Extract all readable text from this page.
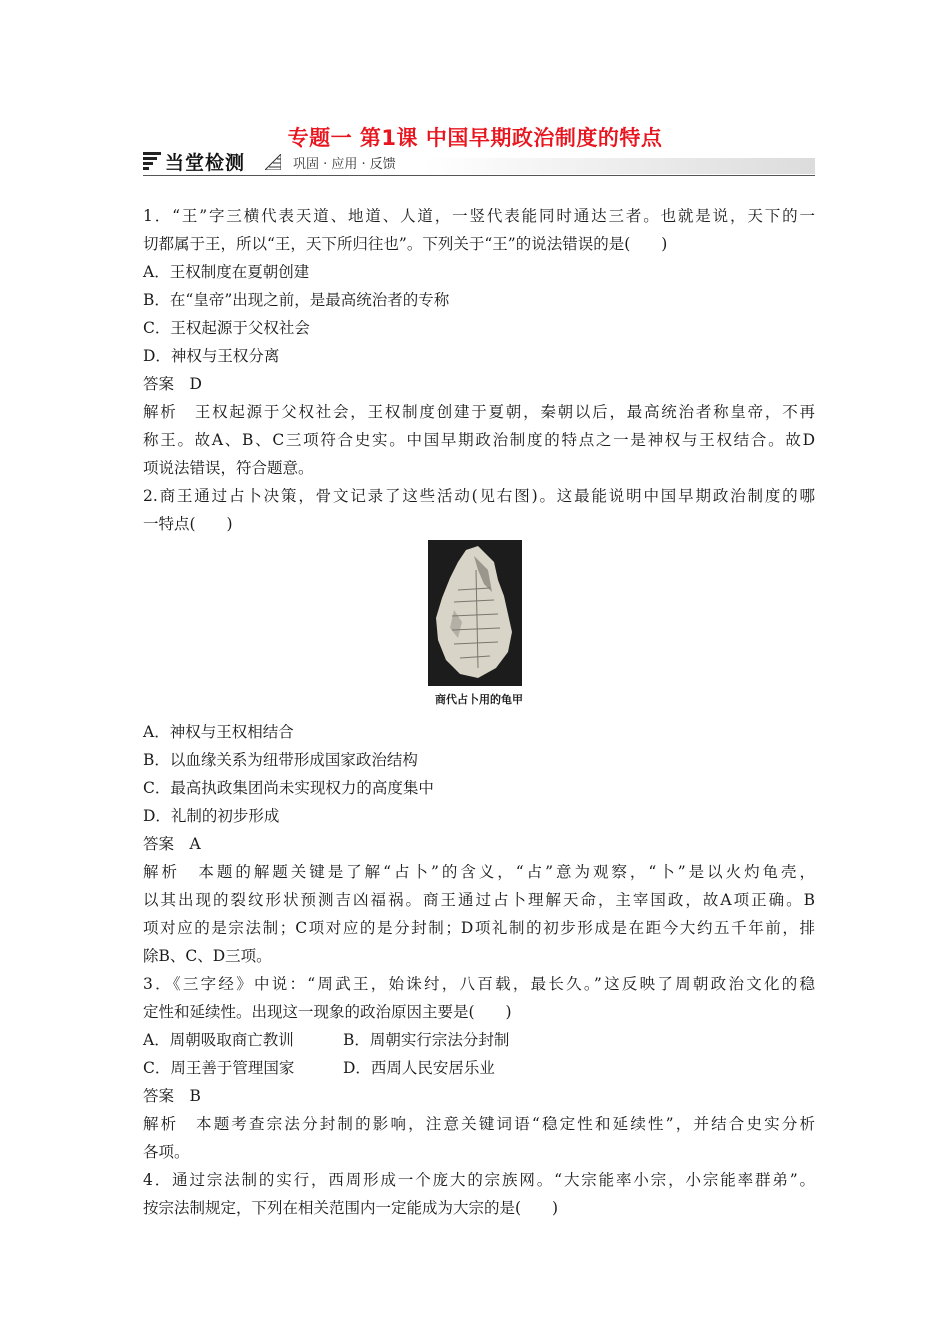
专题一 第1课 中国早期政治制度的特点
当堂检测	巩固 · 应用 · 反馈
1．“王”字三横代表天道、地道、人道，一竖代表能同时通达三者。也就是说，天下的一
切都属于王，所以“王，天下所归往也”。下列关于“王”的说法错误的是(　　)
A．王权制度在夏朝创建
B．在“皇帝”出现之前，是最高统治者的专称
C．王权起源于父权社会
D．神权与王权分离
答案　D
解析　王权起源于父权社会，王权制度创建于夏朝，秦朝以后，最高统治者称皇帝，不再
称王。故A、B、C三项符合史实。中国早期政治制度的特点之一是神权与王权结合。故D
项说法错误，符合题意。
2.商王通过占卜决策，骨文记录了这些活动(见右图)。这最能说明中国早期政治制度的哪
一特点(　　)
商代占卜用的龟甲
A．神权与王权相结合
B．以血缘关系为纽带形成国家政治结构
C．最高执政集团尚未实现权力的高度集中
D．礼制的初步形成
答案　A
解析　本题的解题关键是了解“占卜”的含义，“占”意为观察，“卜”是以火灼龟壳，
以其出现的裂纹形状预测吉凶福祸。商王通过占卜理解天命，主宰国政，故A项正确。B
项对应的是宗法制；C项对应的是分封制；D项礼制的初步形成是在距今大约五千年前，排
除B、C、D三项。
3．《三字经》中说：“周武王，始诛纣，八百载，最长久。”这反映了周朝政治文化的稳
定性和延续性。出现这一现象的政治原因主要是(　　)
A．周朝吸取商亡教训	B．周朝实行宗法分封制
C．周王善于管理国家	D．西周人民安居乐业
答案　B
解析　本题考查宗法分封制的影响，注意关键词语“稳定性和延续性”，并结合史实分析
各项。
4．通过宗法制的实行，西周形成一个庞大的宗族网。“大宗能率小宗，小宗能率群弟”。
按宗法制规定，下列在相关范围内一定能成为大宗的是(　　)
